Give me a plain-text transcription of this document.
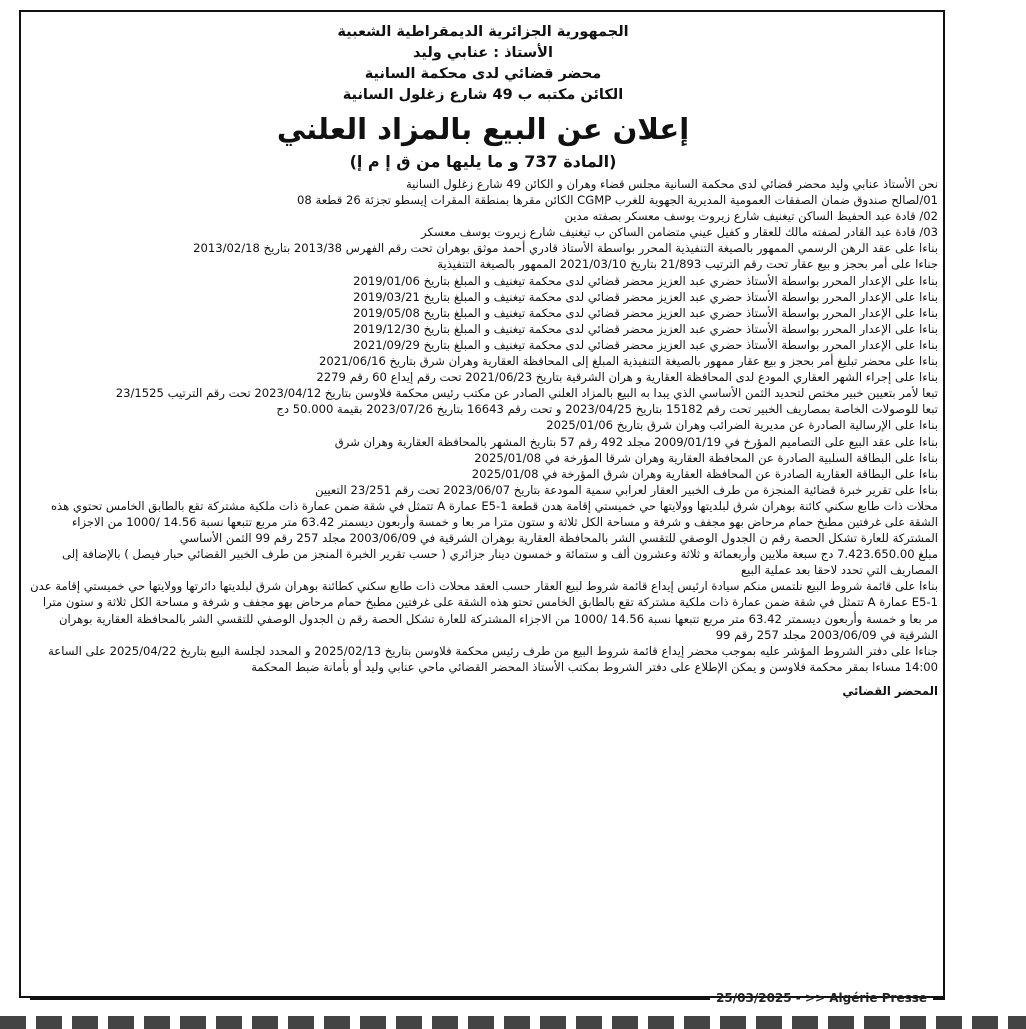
الجمهورية الجزائرية الديمقراطية الشعبية

الأستاذ : عنابي وليد

محضر قضائي لدى محكمة السانية

الكائن مكتبه ب 49 شارع زغلول السانية

إعلان عن البيع بالمزاد العلني

(المادة 737 و ما يليها من ق إ م إ)

نحن الأستاذ عنابي وليد محضر قضائي لدى محكمة السانية مجلس قضاء وهران و الكائن 49 شارع زغلول السانية

01/لصالح صندوق ضمان الصفقات العمومية المديرية الجهوية للغرب CGMP الكائن مقرها بمنطقة المقرات إيسطو تجزئة 26 قطعة 08

02/ قادة عبد الحفيظ الساكن تيغنيف شارع زيروت يوسف معسكر بصفته مدين

03/ قادة عبد القادر لصفته مالك للعقار و كفيل عيني متضامن الساكن ب تيغنيف شارع زيروت يوسف معسكر

بناءا على عقد الرهن الرسمي الممهور بالصيغة التنفيذية المحرر بواسطة الأستاذ قادري أحمد موثق بوهران تحت رقم الفهرس 2013/38 بتاريخ 2013/02/18

جناءا على أمر بحجز و بيع عقار تحت رقم الترتيب 21/893 بتاريخ 2021/03/10 الممهور بالصيغة التنفيذية

بناءا على الإعدار المحرر بواسطة الأستاذ حضري عبد العزيز محضر قضائي لدى محكمة تيغنيف و المبلغ بتاريخ 2019/01/06

بناءا على الإعدار المحرر بواسطة الأستاذ حضري عبد العزيز محضر قضائي لدى محكمة تيغنيف و المبلغ بتاريخ 2019/03/21

بناءا على الإعدار المحرر بواسطة الأستاذ حضري عبد العزيز محضر قضائي لدى محكمة تيغنيف و المبلغ بتاريخ 2019/05/08

بناءا على الإعدار المحرر بواسطة الأستاذ حضري عبد العزيز محضر قضائي لدى محكمة تيغنيف و المبلغ بتاريخ 2019/12/30

بناءا على الإعدار المحرر بواسطة الأستاذ حضري عبد العزيز محضر قضائي لدى محكمة تيغنيف و المبلغ بتاريخ 2021/09/29

بناءا على محضر تبليغ أمر بحجز و بيع عقار ممهور بالصيغة التنفيذية المبلغ إلى المحافظة العقارية وهران شرق بتاريخ 2021/06/16

بناءا على إجراء الشهر العقاري المودع لدى المحافظة العقارية و هران الشرقية بتاريخ 2021/06/23 تحت رقم إيداع 60 رقم 2279

تبعا لأمر بتعيين خبير مختص لتحديد الثمن الأساسي الذي يبدا به البيع بالمزاد العلني الصادر عن مكتب رئيس محكمة فلاوسن بتاريخ 2023/04/12 تحت رقم الترتيب 23/1525

تبعا للوصولات الخاصة بمصاريف الخبير تحت رقم 15182 بتاريخ 2023/04/25 و تحت رقم 16643 بتاريخ 2023/07/26 بقيمة 50.000 دج

بناءا على الإرسالية الصادرة عن مديرية الضرائب وهران شرق بتاريخ 2025/01/06

بناءا على عقد البيع على التصاميم المؤرخ في 2009/01/19 مجلد 492 رقم 57 بتاريخ المشهر بالمحافظة العقارية وهران شرق

بناءا على البطاقة السلبية الصادرة عن المحافظة العقارية وهران شرقا المؤرخة في 2025/01/08

بناءا على البطاقة العقارية الصادرة عن المحافظة العقارية وهران شرق المؤرخة في 2025/01/08

بناءا على تقرير خبرة قضائية المنجزة من طرف الخبير العقار لعرابي سمية المودعة بتاريخ 2023/06/07 تحت رقم 23/251 التعيين

محلات ذات طابع سكني كائنة بوهران شرق لبلديتها وولايتها حي خميستي إقامة هدن قطعة E5-1 عمارة A تتمثل في شقة ضمن عمارة ذات ملكية مشتركة تقع بالطابق الخامس تحتوي هذه الشقة على غرفتين مطبخ حمام مرحاض بهو مجفف و شرفة و مساحة الكل ثلاثة و ستون مترا مر بعا و خمسة وأربعون ديسمتر 63.42 متر مربع تتبعها نسبة 14.56 /1000 من الاجزاء المشتركة للعارة تشكل الحصة رقم ن الجدول الوصفي للتقسي الشر بالمحافظة العقارية بوهران الشرقية في 2003/06/09 مجلد 257 رقم 99 الثمن الأساسي

مبلغ 7.423.650.00 دج سبعة ملايين وأربعمائة و ثلاثة وعشرون ألف و ستمائة و خمسون دينار جزائري ( حسب تقرير الخبرة المنجز من طرف الخبير القضائي حبار فيصل ) بالإضافة إلى المصاريف التي تحدد لاحقا بعد عملية البيع

بناءا على قائمة شروط البيع نلتمس منكم سيادة ارئيس إيداع قائمة شروط لبيع العقار حسب العقد محلات ذات طابع سكني كطائنة بوهران شرق لبلديتها دائرتها وولايتها حي خميستي إقامة عدن E5-1 عمارة A تتمثل في شقة ضمن عمارة ذات ملكية مشتركة تقع بالطابق الخامس تحتو هذه الشقة على غرفتين مطبخ حمام مرحاض بهو مجفف و شرفة و مساحة الكل ثلاثة و ستون مترا مر بعا و خمسة وأربعون ديسمتر 63.42 متر مربع تتبعها نسبة 14.56 /1000 من الاجزاء المشتركة للعارة تشكل الحصة رقم ن الجدول الوصفي للتقسي الشر بالمحافظة العقارية بوهران الشرقية في 2003/06/09 مجلد 257 رقم 99

جناءا على دفتر الشروط المؤشر عليه بموجب محضر إيداع قائمة شروط البيع من طرف رئيس محكمة فلاوسن بتاريخ 2025/02/13 و المحدد لجلسة البيع بتاريخ 2025/04/22 على الساعة 14:00 مساءا بمقر محكمة فلاوسن و يمكن الإطلاع على دفتر الشروط بمكتب الأستاذ المحضر القضائي ماحي عنابي وليد أو بأمانة ضبط المحكمة

المحضر القضائي
25/03/2025 - >> Algérie Presse
